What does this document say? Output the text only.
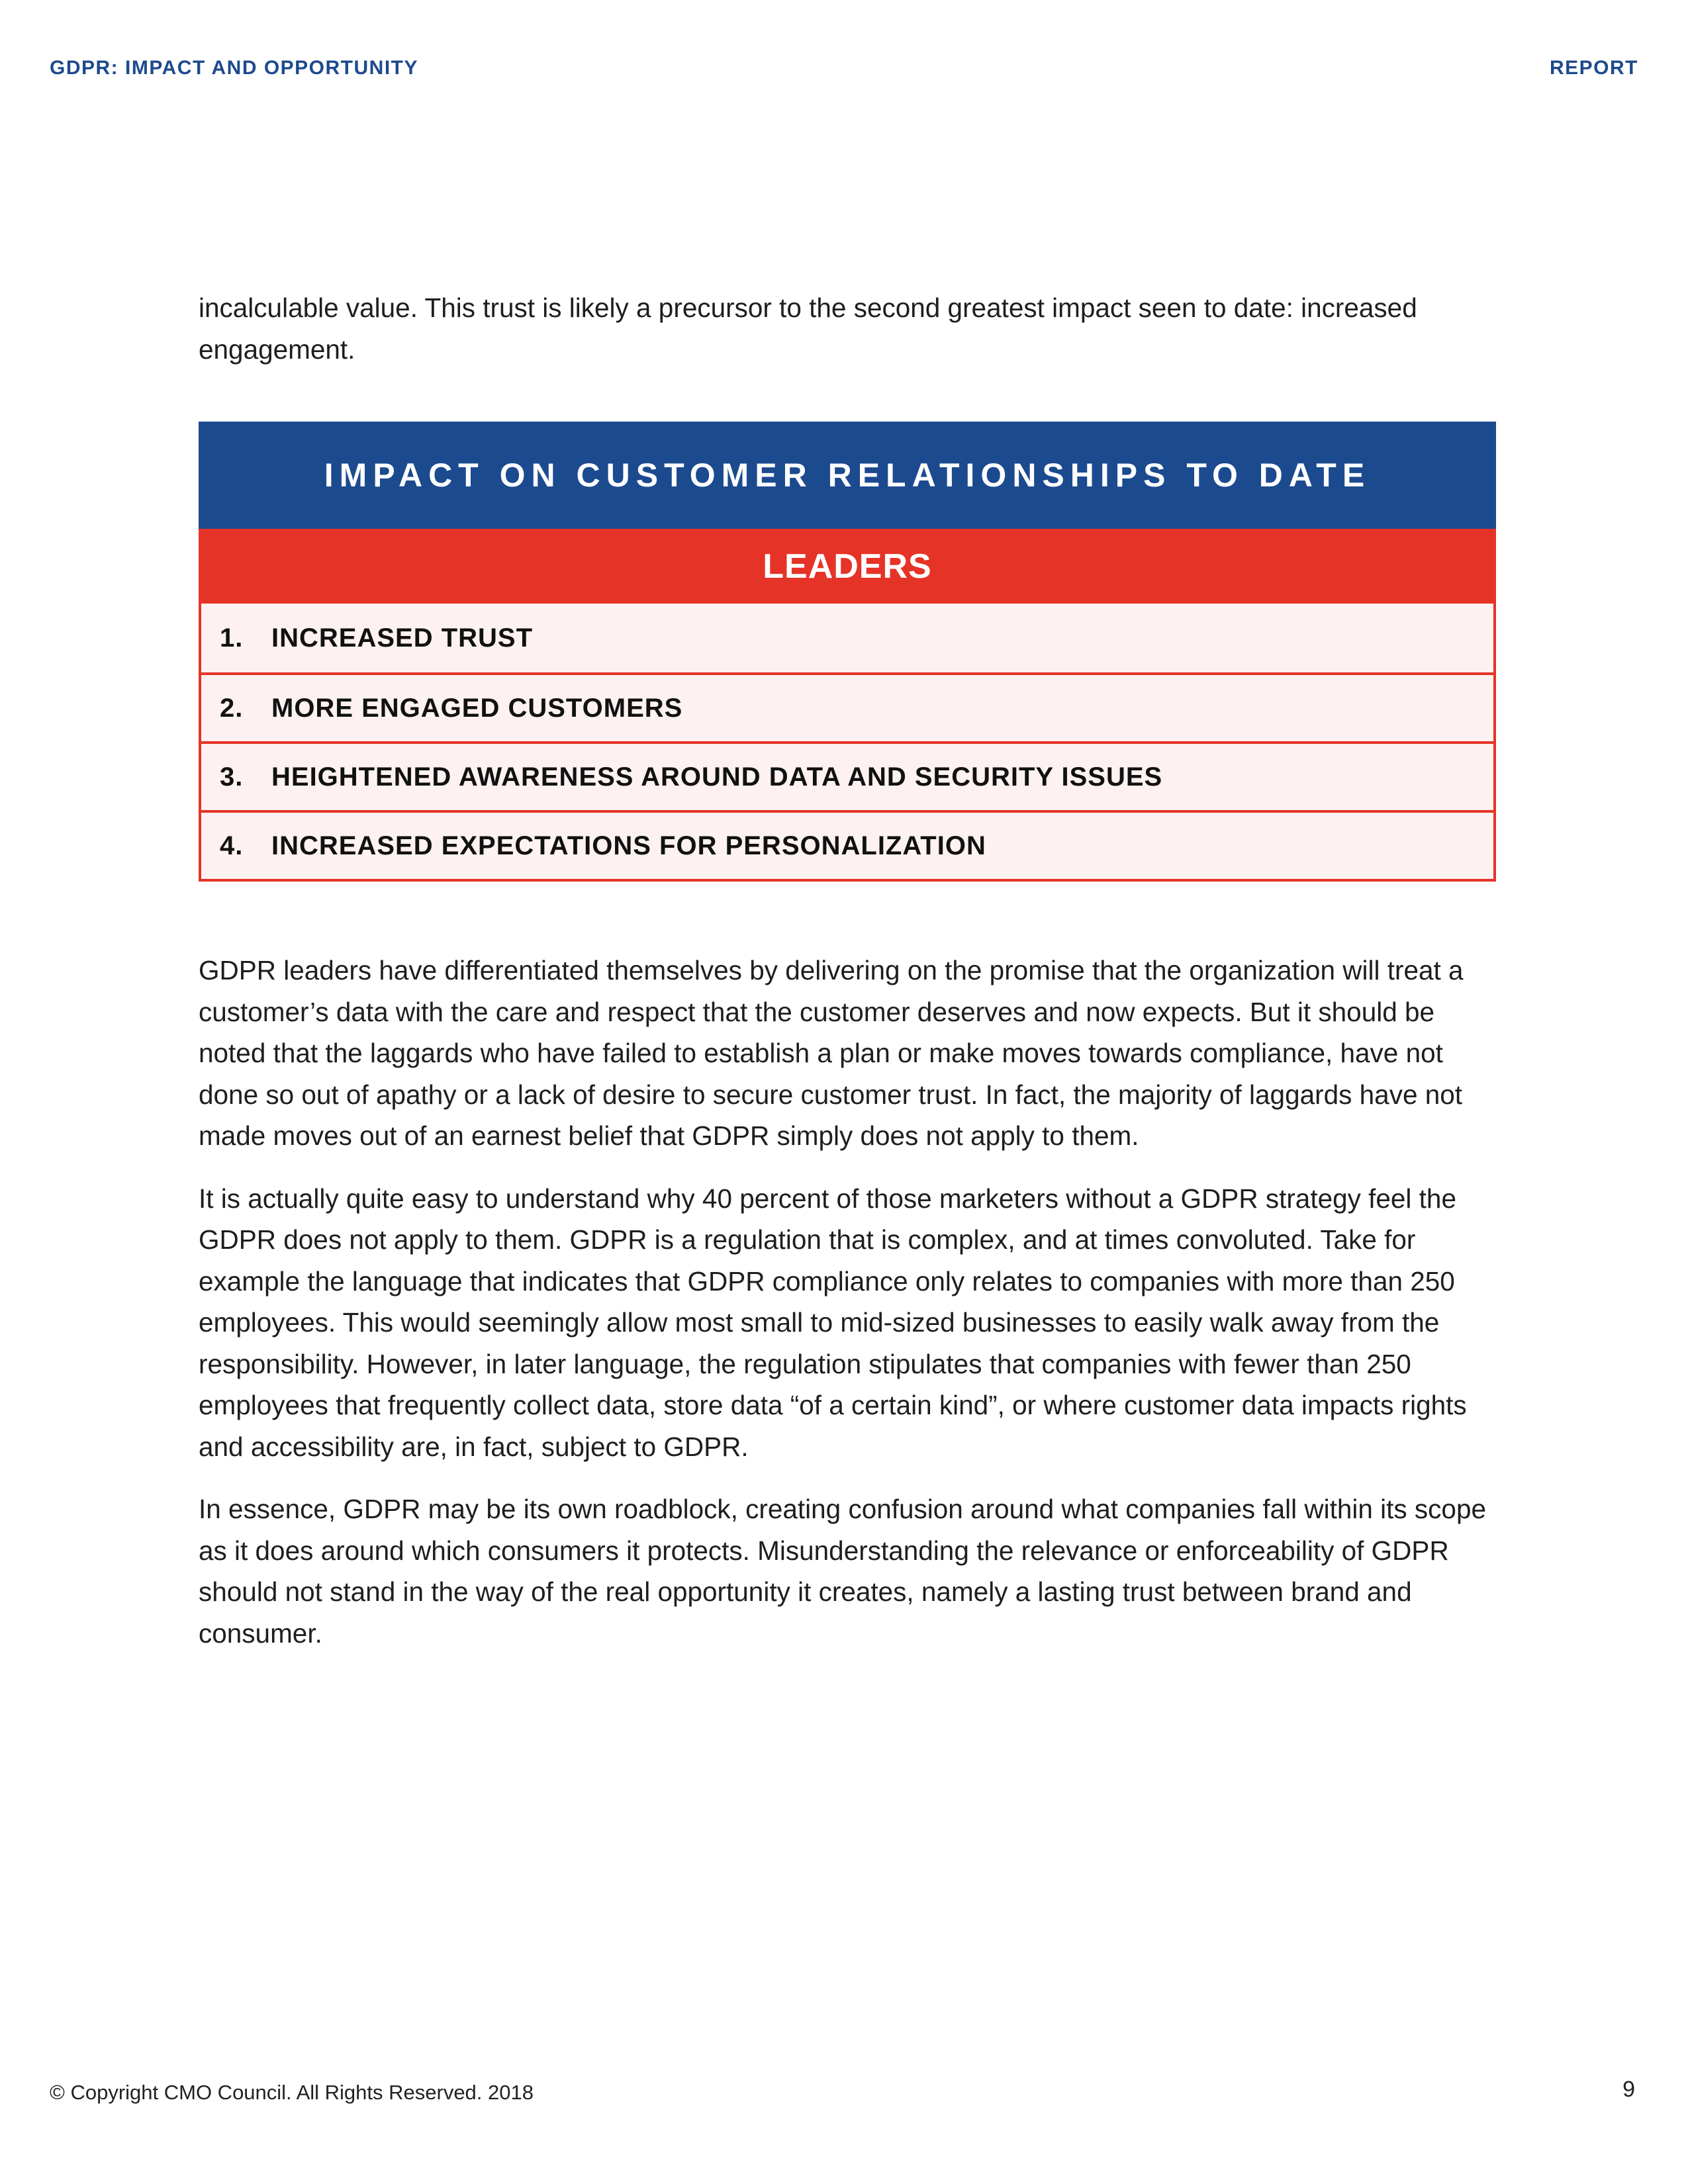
GDPR: IMPACT AND OPPORTUNITY	REPORT

incalculable value. This trust is likely a precursor to the second greatest impact seen to date: increased engagement.

IMPACT ON CUSTOMER RELATIONSHIPS TO DATE
LEADERS
1.	INCREASED TRUST
2.	MORE ENGAGED CUSTOMERS
3.	HEIGHTENED AWARENESS AROUND DATA AND SECURITY ISSUES
4.	INCREASED EXPECTATIONS FOR PERSONALIZATION

GDPR leaders have differentiated themselves by delivering on the promise that the organization will treat a customer’s data with the care and respect that the customer deserves and now expects. But it should be noted that the laggards who have failed to establish a plan or make moves towards compliance, have not done so out of apathy or a lack of desire to secure customer trust. In fact, the majority of laggards have not made moves out of an earnest belief that GDPR simply does not apply to them.

It is actually quite easy to understand why 40 percent of those marketers without a GDPR strategy feel the GDPR does not apply to them. GDPR is a regulation that is complex, and at times convoluted. Take for example the language that indicates that GDPR compliance only relates to companies with more than 250 employees. This would seemingly allow most small to mid-sized businesses to easily walk away from the responsibility. However, in later language, the regulation stipulates that companies with fewer than 250 employees that frequently collect data, store data “of a certain kind”, or where customer data impacts rights and accessibility are, in fact, subject to GDPR.

In essence, GDPR may be its own roadblock, creating confusion around what companies fall within its scope as it does around which consumers it protects. Misunderstanding the relevance or enforceability of GDPR should not stand in the way of the real opportunity it creates, namely a lasting trust between brand and consumer.

© Copyright CMO Council. All Rights Reserved. 2018	9
